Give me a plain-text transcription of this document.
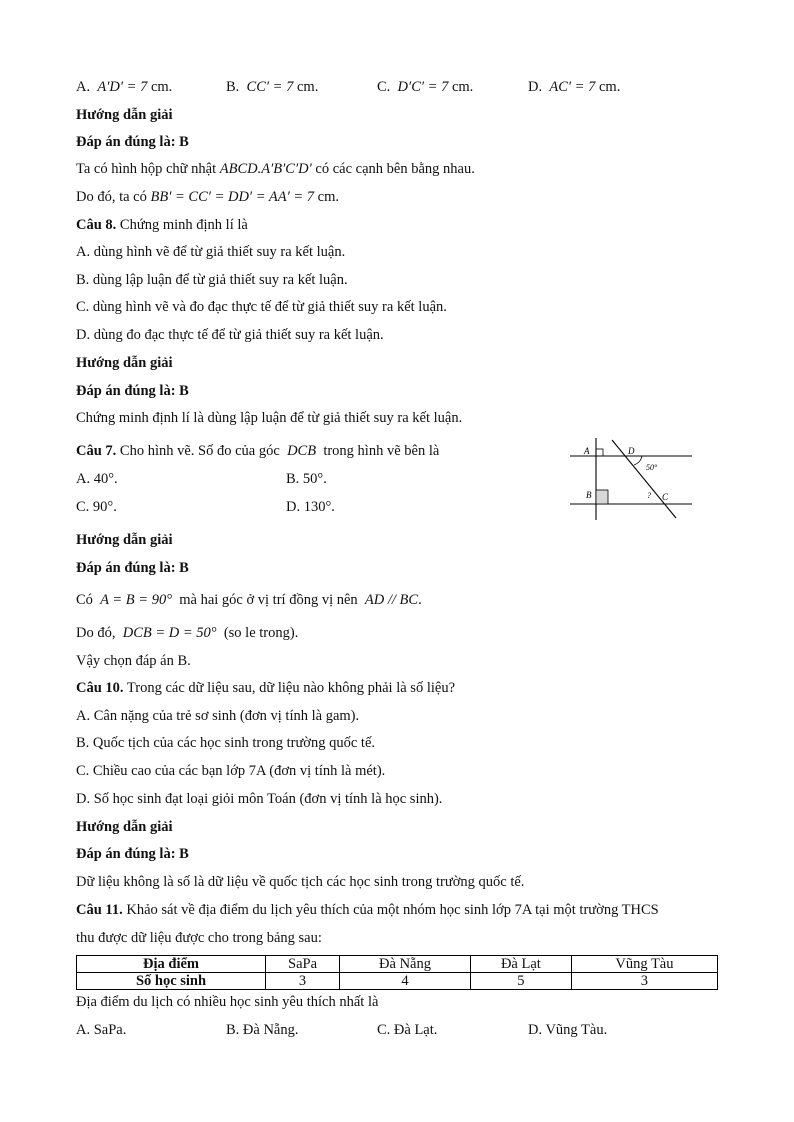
A. A′D′ = 7 cm.	B. CC′ = 7 cm.	C. D′C′ = 7 cm.	D. AC′ = 7 cm.
Hướng dẫn giải
Đáp án đúng là: B
Ta có hình hộp chữ nhật ABCD.A′B′C′D′ có các cạnh bên bằng nhau.
Do đó, ta có BB′ = CC′ = DD′ = AA′ = 7 cm.
Câu 8. Chứng minh định lí là
A. dùng hình vẽ để từ giả thiết suy ra kết luận.
B. dùng lập luận để từ giả thiết suy ra kết luận.
C. dùng hình vẽ và đo đạc thực tế để từ giả thiết suy ra kết luận.
D. dùng đo đạc thực tế để từ giả thiết suy ra kết luận.
Hướng dẫn giải
Đáp án đúng là: B
Chứng minh định lí là dùng lập luận để từ giả thiết suy ra kết luận.
Câu 7. Cho hình vẽ. Số đo của góc DCB trong hình vẽ bên là
A. 40°.	B. 50°.
C. 90°.	D. 130°.
A
B	C
D
50°
?
Hướng dẫn giải
Đáp án đúng là: B
Có A = B = 90° mà hai góc ở vị trí đồng vị nên AD // BC.
Do đó, DCB = D = 50° (so le trong).
Vậy chọn đáp án B.
Câu 10. Trong các dữ liệu sau, dữ liệu nào không phải là số liệu?
A. Cân nặng của trẻ sơ sinh (đơn vị tính là gam).
B. Quốc tịch của các học sinh trong trường quốc tế.
C. Chiều cao của các bạn lớp 7A (đơn vị tính là mét).
D. Số học sinh đạt loại giỏi môn Toán (đơn vị tính là học sinh).
Hướng dẫn giải
Đáp án đúng là: B
Dữ liệu không là số là dữ liệu về quốc tịch các học sinh trong trường quốc tế.
Câu 11. Khảo sát về địa điểm du lịch yêu thích của một nhóm học sinh lớp 7A tại một trường THCS
thu được dữ liệu được cho trong bảng sau:
Địa điểm	SaPa	Đà Nẵng	Đà Lạt	Vũng Tàu
Số học sinh	3	4	5	3
Địa điểm du lịch có nhiều học sinh yêu thích nhất là
A. SaPa.	B. Đà Nẵng.	C. Đà Lạt.	D. Vũng Tàu.
